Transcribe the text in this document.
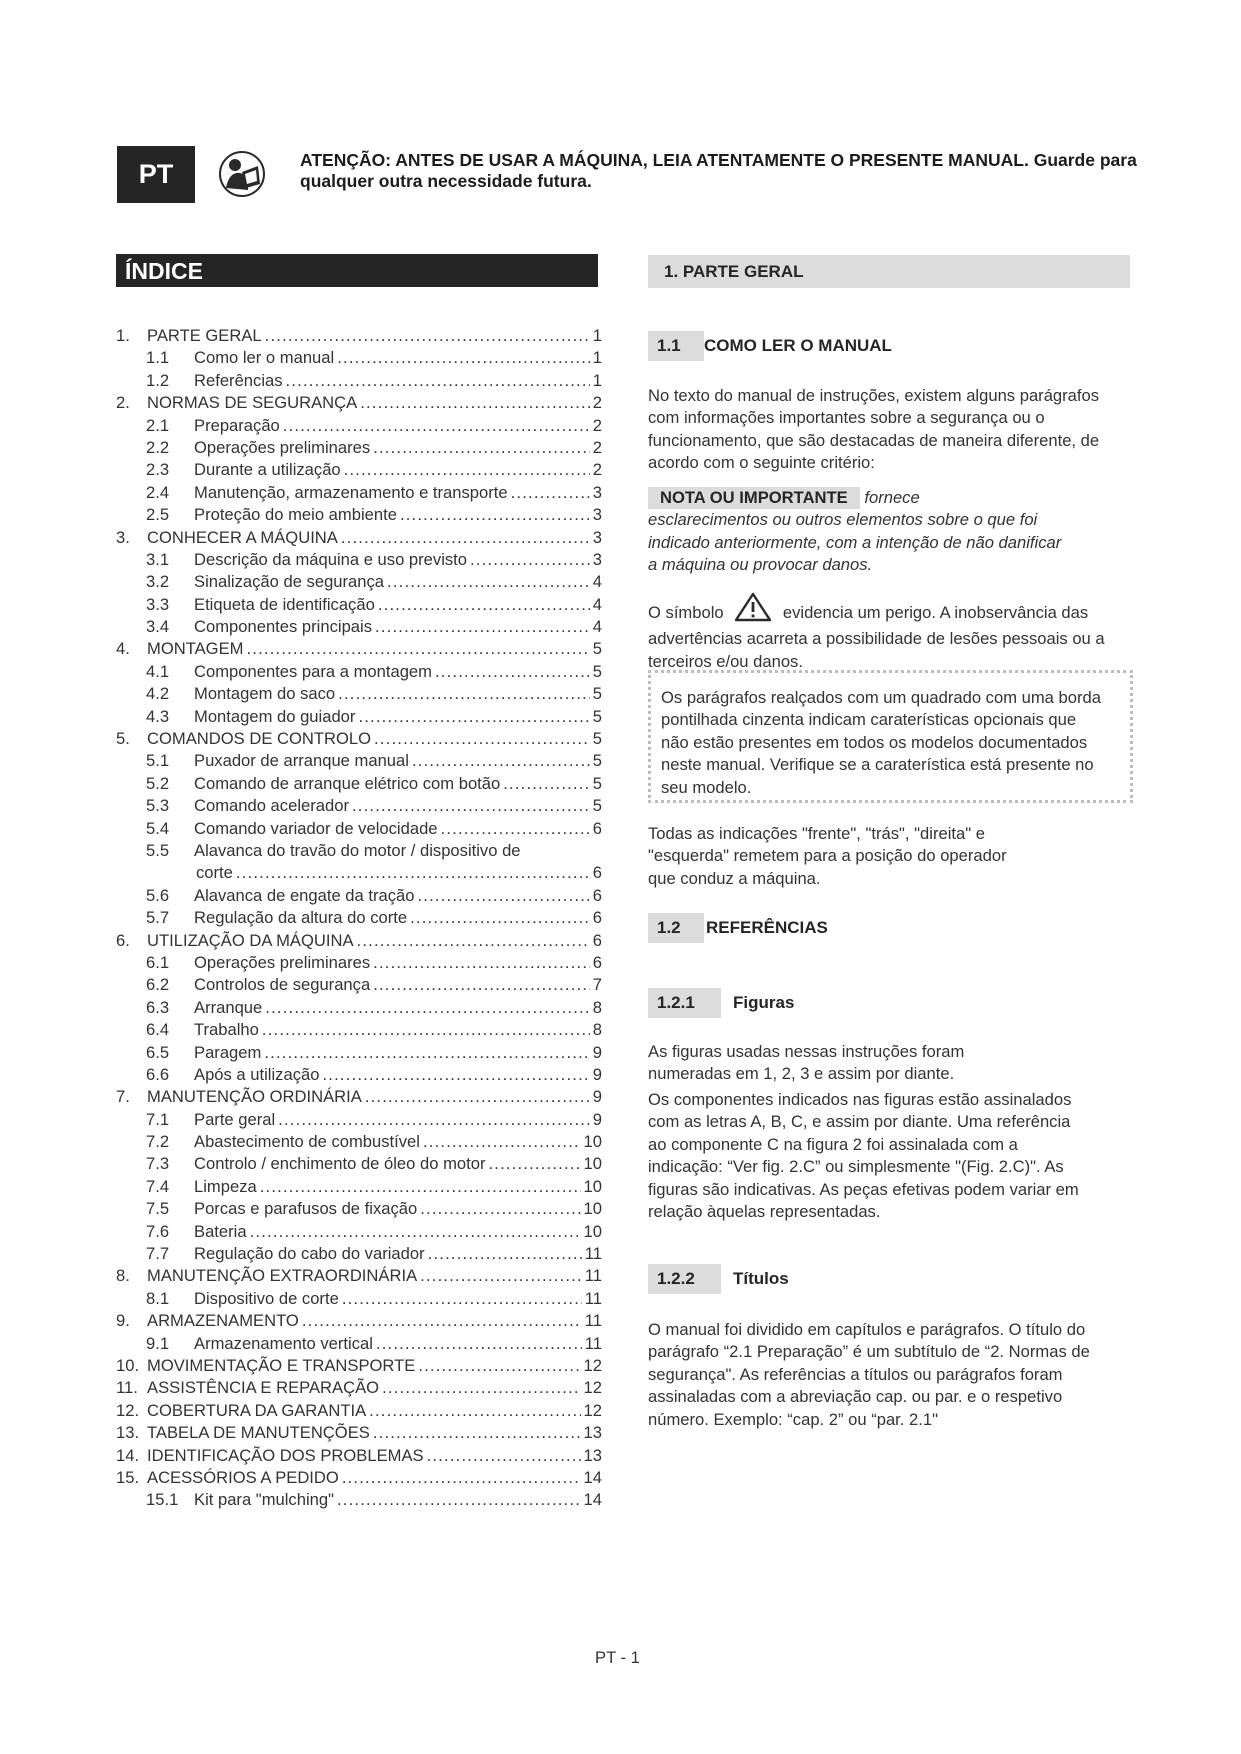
PT	ATENÇÃO: ANTES DE USAR A MÁQUINA, LEIA ATENTAMENTE O PRESENTE MANUAL. Guarde para qualquer outra necessidade futura.
ÍNDICE
1.	PARTE GERAL .....	1
1.1	Como ler o manual .....	1
1.2	Referências .....	1
2.	NORMAS DE SEGURANÇA .....	2
2.1	Preparação .....	2
2.2	Operações preliminares .....	2
2.3	Durante a utilização .....	2
2.4	Manutenção, armazenamento e transporte .....	3
2.5	Proteção do meio ambiente .....	3
3.	CONHECER A MÁQUINA .....	3
3.1	Descrição da máquina e uso previsto .....	3
3.2	Sinalização de segurança .....	4
3.3	Etiqueta de identificação .....	4
3.4	Componentes principais .....	4
4.	MONTAGEM .....	5
4.1	Componentes para a montagem .....	5
4.2	Montagem do saco .....	5
4.3	Montagem do guiador .....	5
5.	COMANDOS DE CONTROLO .....	5
5.1	Puxador de arranque manual .....	5
5.2	Comando de arranque elétrico com botão .....	5
5.3	Comando acelerador .....	5
5.4	Comando variador de velocidade .....	6
5.5	Alavanca do travão do motor / dispositivo de
corte .....	6
5.6	Alavanca de engate da tração .....	6
5.7	Regulação da altura do corte .....	6
6.	UTILIZAÇÃO DA MÁQUINA .....	6
6.1	Operações preliminares .....	6
6.2	Controlos de segurança .....	7
6.3	Arranque .....	8
6.4	Trabalho .....	8
6.5	Paragem .....	9
6.6	Após a utilização .....	9
7.	MANUTENÇÃO ORDINÁRIA .....	9
7.1	Parte geral .....	9
7.2	Abastecimento de combustível .....	10
7.3	Controlo / enchimento de óleo do motor .....	10
7.4	Limpeza .....	10
7.5	Porcas e parafusos de fixação .....	10
7.6	Bateria .....	10
7.7	Regulação do cabo do variador .....	11
8.	MANUTENÇÃO EXTRAORDINÁRIA .....	11
8.1	Dispositivo de corte .....	11
9.	ARMAZENAMENTO .....	11
9.1	Armazenamento vertical .....	11
10. MOVIMENTAÇÃO E TRANSPORTE .....	12
11. ASSISTÊNCIA E REPARAÇÃO .....	12
12. COBERTURA DA GARANTIA .....	12
13. TABELA DE MANUTENÇÕES .....	13
14. IDENTIFICAÇÃO DOS PROBLEMAS .....	13
15. ACESSÓRIOS A PEDIDO .....	14
15.1 Kit para "mulching" .....	14
1. PARTE GERAL
1.1	COMO LER O MANUAL
No texto do manual de instruções, existem alguns parágrafos com informações importantes sobre a segurança ou o funcionamento, que são destacadas de maneira diferente, de acordo com o seguinte critério:
NOTA OU IMPORTANTE fornece
esclarecimentos ou outros elementos sobre o que foi indicado anteriormente, com a intenção de não danificar a máquina ou provocar danos.
O símbolo	evidencia um perigo. A inobservância das advertências acarreta a possibilidade de lesões pessoais ou a terceiros e/ou danos.
Os parágrafos realçados com um quadrado com uma borda pontilhada cinzenta indicam caraterísticas opcionais que não estão presentes em todos os modelos documentados neste manual. Verifique se a caraterística está presente no seu modelo.
Todas as indicações "frente", "trás", "direita" e "esquerda" remetem para a posição do operador que conduz a máquina.
1.2	REFERÊNCIAS
1.2.1	Figuras
As figuras usadas nessas instruções foram numeradas em 1, 2, 3 e assim por diante.
Os componentes indicados nas figuras estão assinalados com as letras A, B, C, e assim por diante. Uma referência ao componente C na figura 2 foi assinalada com a indicação: “Ver fig. 2.C” ou simplesmente "(Fig. 2.C)". As figuras são indicativas. As peças efetivas podem variar em relação àquelas representadas.
1.2.2	Títulos
O manual foi dividido em capítulos e parágrafos. O título do parágrafo “2.1 Preparação” é um subtítulo de “2. Normas de segurança". As referências a títulos ou parágrafos foram assinaladas com a abreviação cap. ou par. e o respetivo número. Exemplo: “cap. 2” ou “par. 2.1"
PT - 1
